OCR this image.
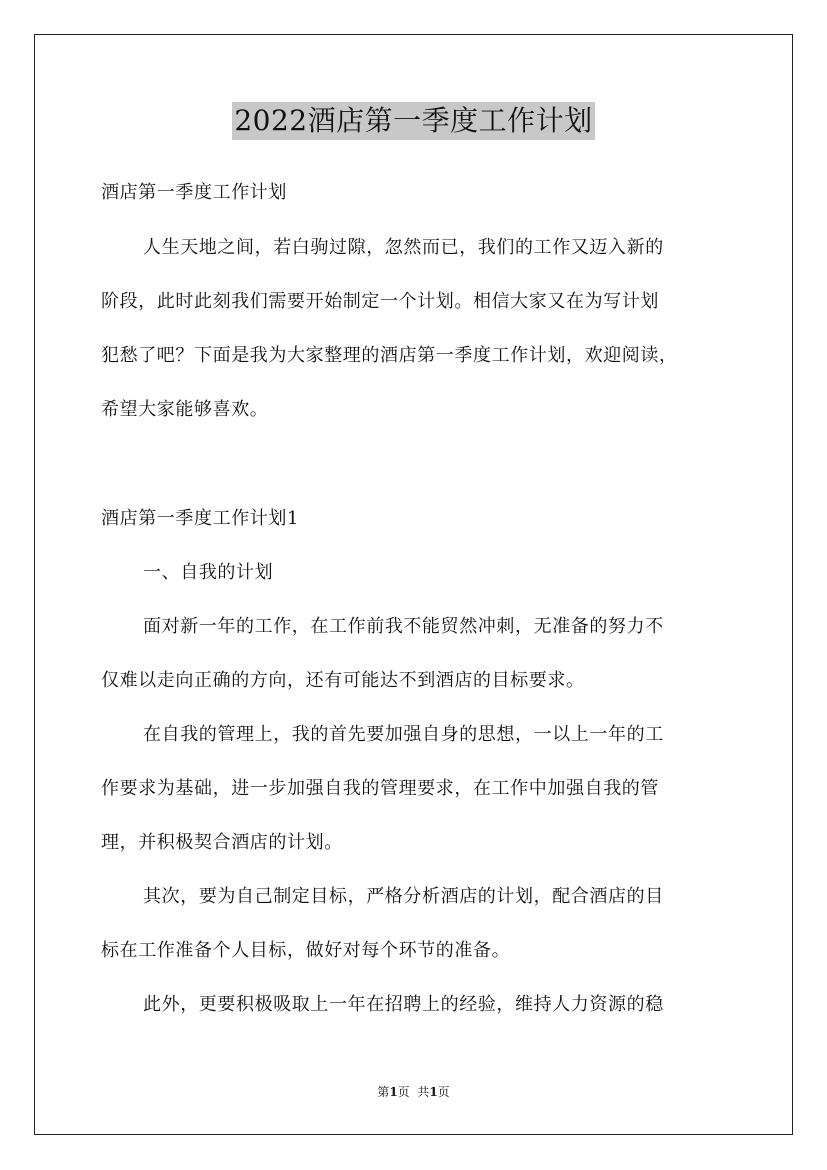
2022酒店第一季度工作计划
酒店第一季度工作计划
人生天地之间，若白驹过隙，忽然而已，我们的工作又迈入新的
阶段，此时此刻我们需要开始制定一个计划。相信大家又在为写计划
犯愁了吧？下面是我为大家整理的酒店第一季度工作计划，欢迎阅读，
希望大家能够喜欢。
酒店第一季度工作计划1
一、自我的计划
面对新一年的工作，在工作前我不能贸然冲刺，无准备的努力不
仅难以走向正确的方向，还有可能达不到酒店的目标要求。
在自我的管理上，我的首先要加强自身的思想，一以上一年的工
作要求为基础，进一步加强自我的管理要求，在工作中加强自我的管
理，并积极契合酒店的计划。
其次，要为自己制定目标，严格分析酒店的计划，配合酒店的目
标在工作准备个人目标，做好对每个环节的准备。
此外，更要积极吸取上一年在招聘上的经验，维持人力资源的稳
第1页  共1页
